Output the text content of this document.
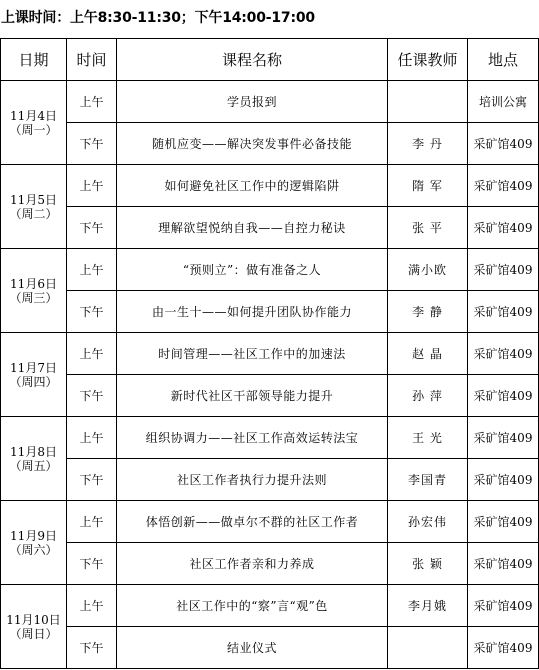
上课时间：上午8:30-11:30；下午14:00-17:00
日期	时间	课程名称	任课教师	地点

11月4日
（周一）	上午	学员报到		培训公寓
	下午	随机应变——解决突发事件必备技能	李 丹	采矿馆409

11月5日
（周二）	上午	如何避免社区工作中的逻辑陷阱	隋 军	采矿馆409
	下午	理解欲望悦纳自我——自控力秘诀	张 平	采矿馆409

11月6日
（周三）	上午	“预则立”：做有准备之人	满小欧	采矿馆409
	下午	由一生十——如何提升团队协作能力	李 静	采矿馆409

11月7日
（周四）	上午	时间管理——社区工作中的加速法	赵 晶	采矿馆409
	下午	新时代社区干部领导能力提升	孙 萍	采矿馆409

11月8日
（周五）	上午	组织协调力——社区工作高效运转法宝	王 光	采矿馆409
	下午	社区工作者执行力提升法则	李国青	采矿馆409

11月9日
（周六）	上午	体悟创新——做卓尔不群的社区工作者	孙宏伟	采矿馆409
	下午	社区工作者亲和力养成	张 颖	采矿馆409

11月10日
（周日）	上午	社区工作中的“察”言“观”色	李月娥	采矿馆409
	下午	结业仪式		采矿馆409
